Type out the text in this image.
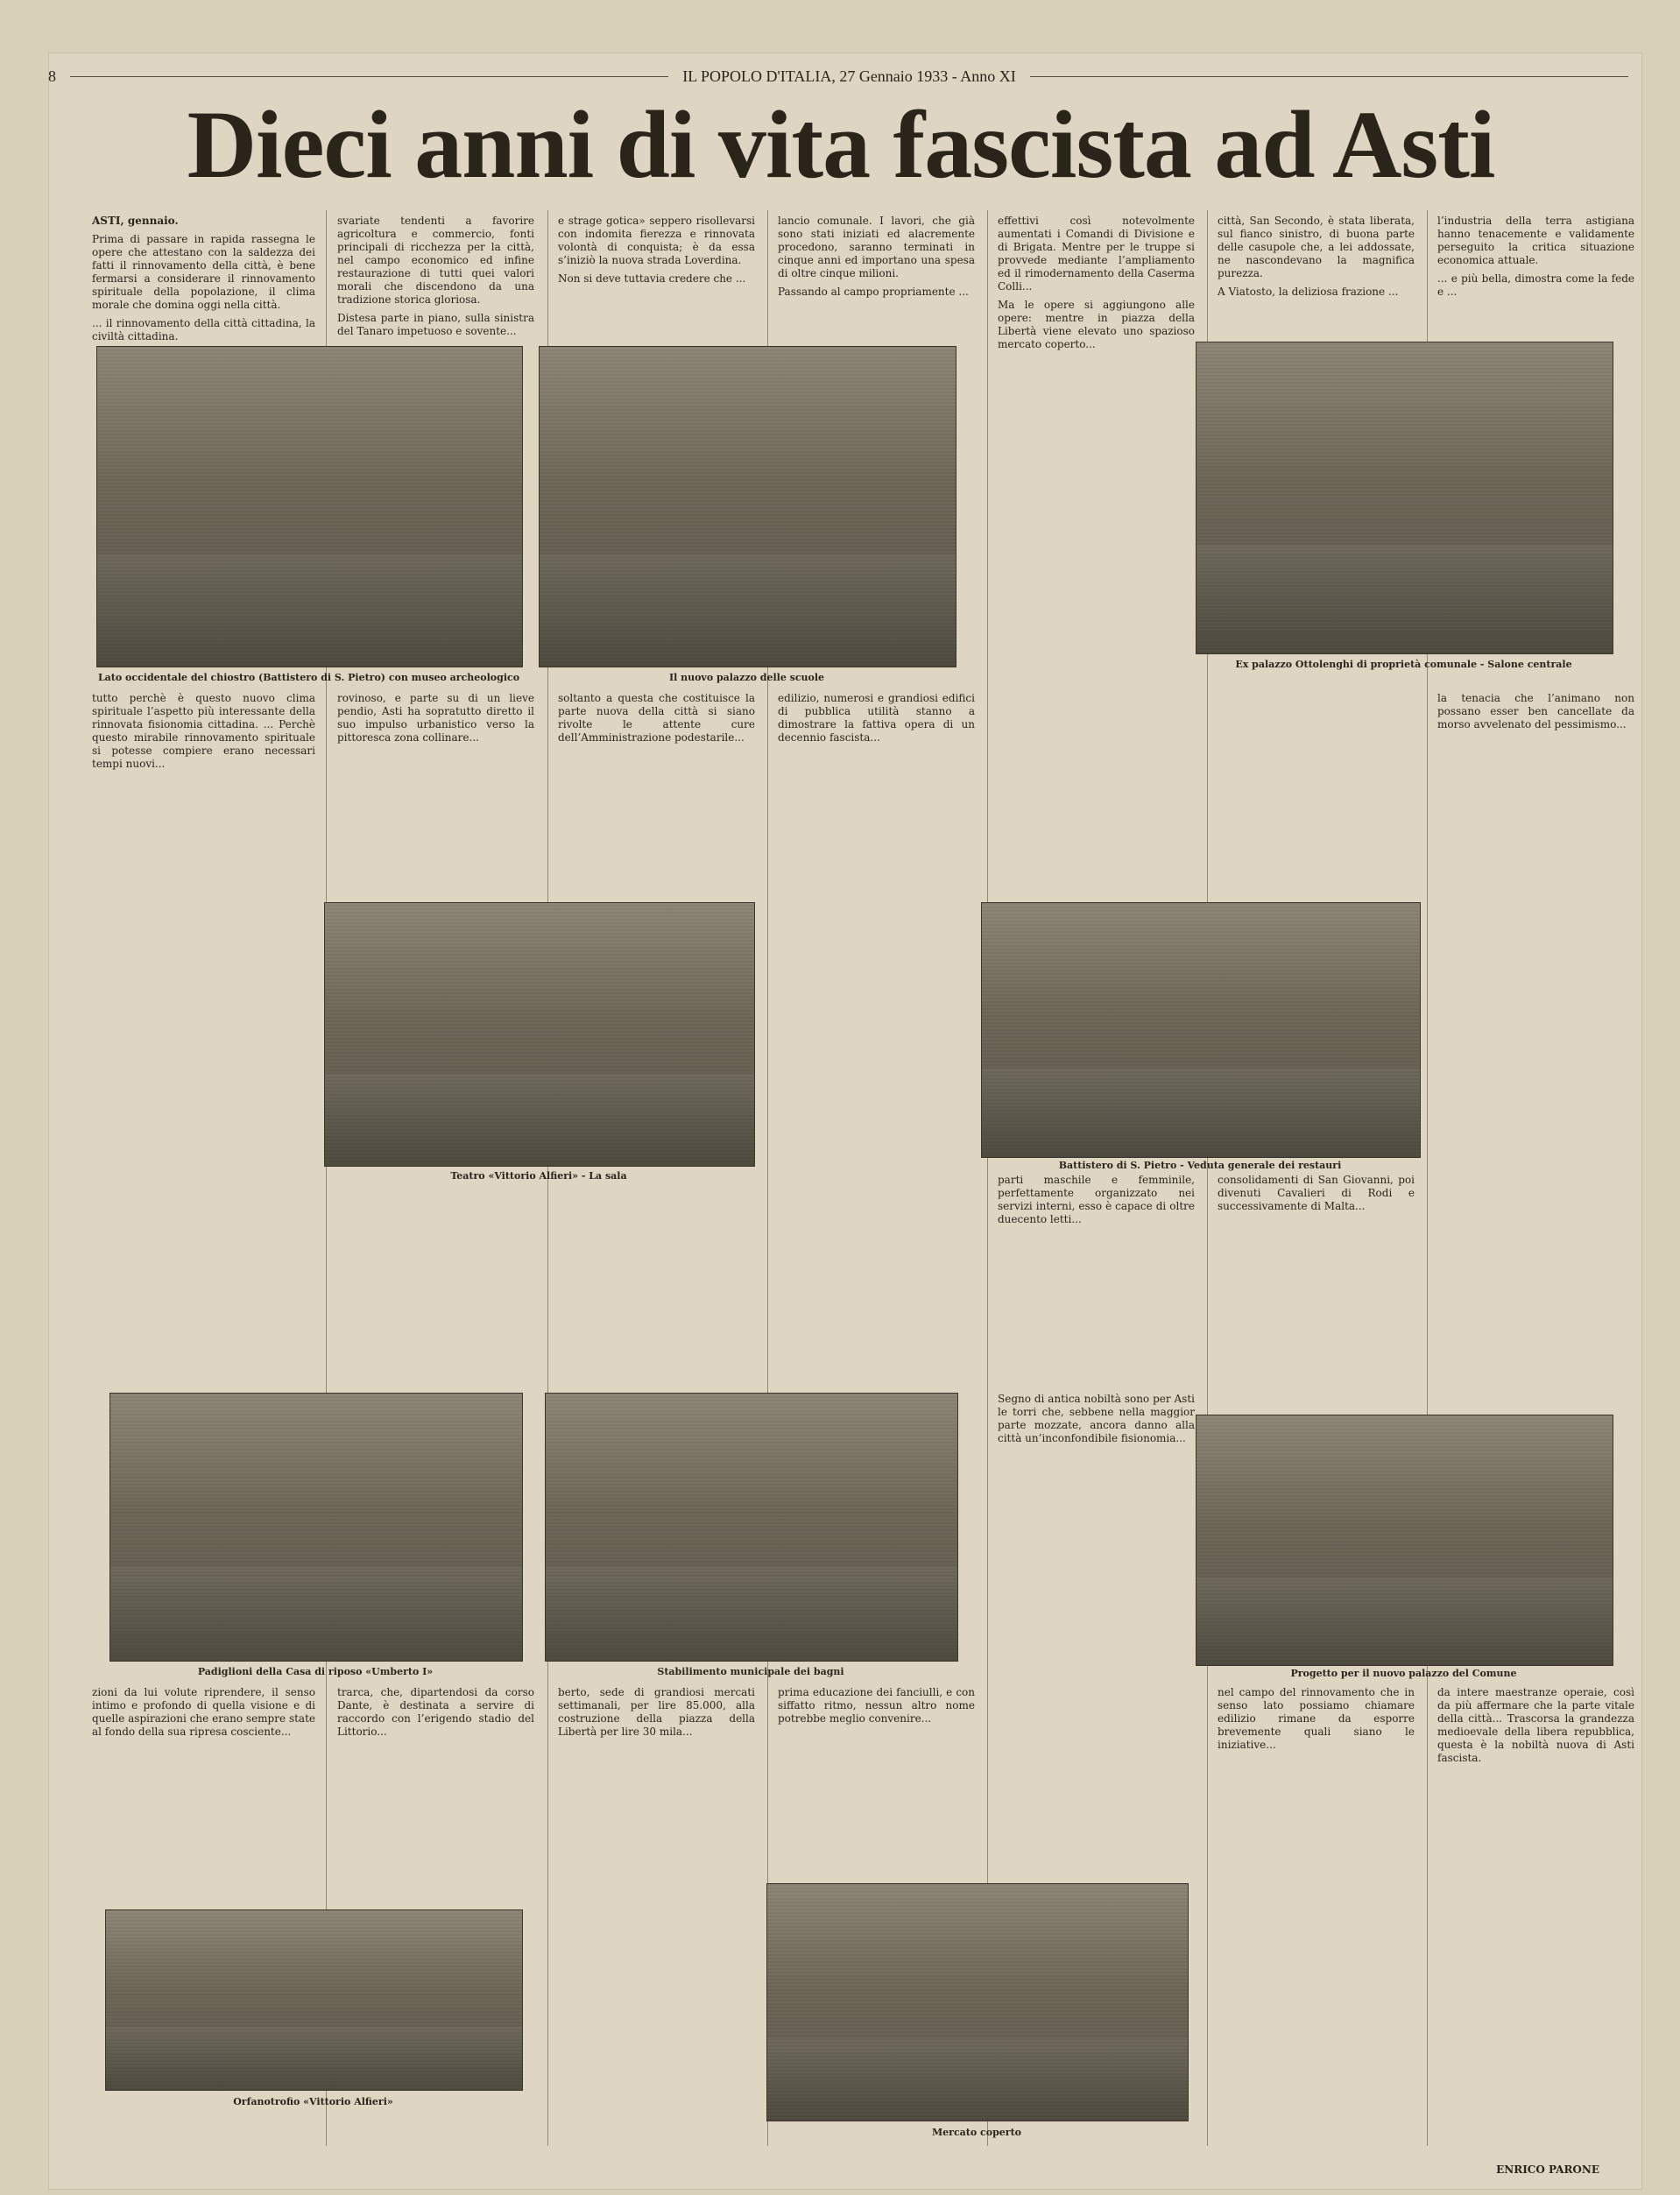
8	IL POPOLO D'ITALIA, 27 Gennaio 1933 - Anno XI
Dieci anni di vita fascista ad Asti

ASTI, gennaio.

Prima di passare in rapida rassegna le opere che attestano con la saldezza dei fatti il rinnovamento della città, è bene fermarsi a considerare il rinnovamento spirituale della popolazione, il clima morale che domina oggi nella città.

... il rinnovamento della città cittadina, la civiltà cittadina.

svariate tendenti a favorire agricoltura e commercio, fonti principali di ricchezza per la città, nel campo economico ed infine restaurazione di tutti quei valori morali che discendono da una tradizione storica gloriosa.

Distesa parte in piano, sulla sinistra del Tanaro impetuoso e sovente...

e strage gotica» seppero risollevarsi con indomita fierezza e rinnovata volontà di conquista; è da essa s’iniziò la nuova strada Loverdina.

Non si deve tuttavia credere che ...

lancio comunale. I lavori, che già sono stati iniziati ed alacremente procedono, saranno terminati in cinque anni ed importano una spesa di oltre cinque milioni.

Passando al campo propriamente ...

effettivi così notevolmente aumentati i Comandi di Divisione e di Brigata. Mentre per le truppe si provvede mediante l’ampliamento ed il rimodernamento della Caserma Colli...

Ma le opere si aggiungono alle opere: mentre in piazza della Libertà viene elevato uno spazioso mercato coperto...

città, San Secondo, è stata liberata, sul fianco sinistro, di buona parte delle casupole che, a lei addossate, ne nascondevano la magnifica purezza.

A Viatosto, la deliziosa frazione ...

l’industria della terra astigiana hanno tenacemente e validamente perseguito la critica situazione economica attuale.

... e più bella, dimostra come la fede e ...

Lato occidentale del chiostro (Battistero di S. Pietro) con museo archeologico	Il nuovo palazzo delle scuole
Ex palazzo Ottolenghi di proprietà comunale - Salone centrale

tutto perchè è questo nuovo clima spirituale l’aspetto più interessante della rinnovata fisionomia cittadina. ... Perchè questo mirabile rinnovamento spirituale si potesse compiere erano necessari tempi nuovi...

rovinoso, e parte su di un lieve pendio, Asti ha sopratutto diretto il suo impulso urbanistico verso la pittoresca zona collinare...

soltanto a questa che costituisce la parte nuova della città si siano rivolte le attente cure dell’Amministrazione podestarile...

edilizio, numerosi e grandiosi edifici di pubblica utilità stanno a dimostrare la fattiva opera di un decennio fascista...

parti maschile e femminile, perfettamente organizzato nei servizi interni, esso è capace di oltre duecento letti...

consolidamenti di San Giovanni, poi divenuti Cavalieri di Rodi e successivamente di Malta...

la tenacia che l’animano non possano esser ben cancellate da morso avvelenato del pessimismo...

Teatro «Vittorio Alfieri» - La sala
Battistero di S. Pietro - Veduta generale dei restauri
Padiglioni della Casa di riposo «Umberto I»	Stabilimento municipale dei bagni	Progetto per il nuovo palazzo del Comune

zioni da lui volute riprendere, il senso intimo e profondo di quella visione e di quelle aspirazioni che erano sempre state al fondo della sua ripresa cosciente...

trarca, che, dipartendosi da corso Dante, è destinata a servire di raccordo con l’erigendo stadio del Littorio...

berto, sede di grandiosi mercati settimanali, per lire 85.000, alla costruzione della piazza della Libertà per lire 30 mila...

prima educazione dei fanciulli, e con siffatto ritmo, nessun altro nome potrebbe meglio convenire...

Segno di antica nobiltà sono per Asti le torri che, sebbene nella maggior parte mozzate, ancora danno alla città un’inconfondibile fisionomia...

nel campo del rinnovamento che in senso lato possiamo chiamare edilizio rimane da esporre brevemente quali siano le iniziative...

da intere maestranze operaie, così da più affermare che la parte vitale della città... Trascorsa la grandezza medioevale della libera repubblica, questa è la nobiltà nuova di Asti fascista.

Orfanotrofio «Vittorio Alfieri»
Mercato coperto
ENRICO PARONE
